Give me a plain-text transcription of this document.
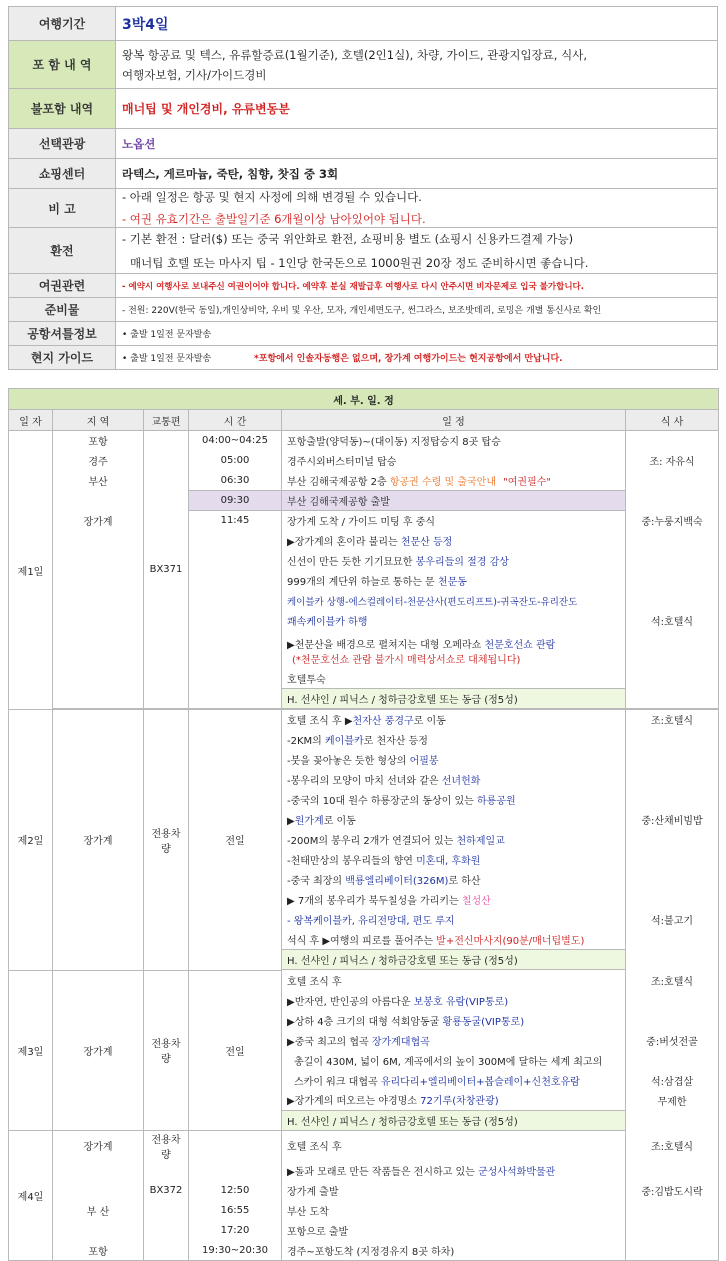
여행기간	3박4일
포 함 내 역	왕복 항공료 및 텍스, 유류할증료(1월기준), 호텔(2인1실), 차량, 가이드, 관광지입장료, 식사,
여행자보험, 기사/가이드경비

불포함 내역	매너팁 및 개인경비, 유류변동분
선택관광	노옵션
쇼핑센터	라텍스, 게르마늄, 죽탄, 침향, 찻집 중 3회
비 고	- 아래 일정은 항공 및 현지 사정에 의해 변경될 수 있습니다.
- 여권 유효기간은 출발일기준 6개월이상 남아있어야 됩니다.

환전	- 기본 환전 : 달러($) 또는 중국 위안화로 환전, 쇼핑비용 별도 (쇼핑시 신용카드결제 가능)
매너팁 호텔 또는 마사지 팁 - 1인당 한국돈으로 1000원권 20장 정도 준비하시면 좋습니다.

여권관련	- 예약시 여행사로 보내주신 여권이어야 합니다. 예약후 분실 재발급후 여행사로 다시 안주시면 비자문제로 입국 불가합니다.
준비물	- 전원: 220V(한국 동일),개인상비약, 우비 및 우산, 모자, 개인세면도구, 썬그라스, 보조밧데리, 로밍은 개별 통신사로 확인
공항셔틀정보	• 출발 1일전 문자발송
현지 가이드	• 출발 1일전 문자발송 *포항에서 인솔자동행은 없으며, 장가계 여행가이드는 현지공항에서 만납니다.
세. 부. 일. 정					
일 자	지 역	교통편	시 간	일 정	식 사
제1일	포항	BX371	04:00~04:25	포항출발(양덕동)~(대이동) 지정탑승지 8곳 탑승	
	경주		05:00	경주시외버스터미널 탑승	조: 자유식
	부산		06:30	부산 김해국제공항 2층 항공권 수령 및 출국안내 "여권필수"	
			09:30	부산 김해국제공항 출발	
	장가계		11:45	장가계 도착 / 가이드 미팅 후 중식	중:누룽지백숙
				▶장가계의 혼이라 불리는 천문산 등정	
				신선이 만든 듯한 기기묘묘한 봉우리들의 절경 감상	
				999개의 계단위 하늘로 통하는 문 천문동	
				케이블카 상행-에스컬레이터-천문산사(편도리프트)-귀곡잔도-유리잔도	
				쾌속케이블카 하행	석:호텔식
				▶천문산을 배경으로 펼쳐지는 대형 오페라쇼 천문호선쇼 관람	
				(*천문호선쇼 관람 불가시 매력상서쇼로 대체됩니다)	
				호텔투숙	
				H. 선샤인 / 피닉스 / 청하금강호텔 또는 동급 (정5성)	

제2일	장가계	전용차량	전일	호텔 조식 후 ▶천자산 풍경구로 이동	조:호텔식
				-2KM의 케이블카로 천자산 등정	
				-붓을 꽂아놓은 듯한 형상의 어필봉	
				-봉우리의 모양이 마치 선녀와 같은 선녀헌화	
				-중국의 10대 원수 하룡장군의 동상이 있는 하룡공원	
				▶원가계로 이동	중:산채비빔밥
				-200M의 봉우리 2개가 연결되어 있는 천하제일교	
				-천태만상의 봉우리들의 향연 미혼대, 후화원	
				-중국 최장의 백룡엘리베이터(326M)로 하산	
				▶ 7개의 봉우리가 북두칠성을 가리키는 칠성산	
				- 왕복케이블카, 유리전망대, 편도 루지	석:불고기
				석식 후 ▶여행의 피로를 풀어주는 발+전신마사지(90분/매너팁별도)	
				H. 선샤인 / 피닉스 / 청하금강호텔 또는 동급 (정5성)	

제3일	장가계	전용차량	전일	호텔 조식 후	조:호텔식
				▶반자연, 반인공의 아름다운 보봉호 유람(VIP통로)	
				▶상하 4층 크기의 대형 석회암동굴 황룡동굴(VIP통로)	
				▶중국 최고의 협곡 장가계대협곡	중:버섯전골
				총길이 430M, 넓이 6M, 계곡에서의 높이 300M에 달하는 세계 최고의	
				스카이 워크 대협곡 유리다리+엘리베이터+봅슬레이+신천호유람	석:삼겹살
				▶장가계의 떠오르는 야경명소 72기루(차창관광)	무제한
				H. 선샤인 / 피닉스 / 청하금강호텔 또는 동급 (정5성)	
제4일	장가계	전용차량		호텔 조식 후	조:호텔식
				▶돌과 모래로 만든 작품들은 전시하고 있는 군성사석화박물관	
		BX372	12:50	장가계 출발	중:김밥도시락
	부 산		16:55	부산 도착	
			17:20	포항으로 출발	
	포항		19:30~20:30	경주~포항도착 (지정경유지 8곳 하차)	
